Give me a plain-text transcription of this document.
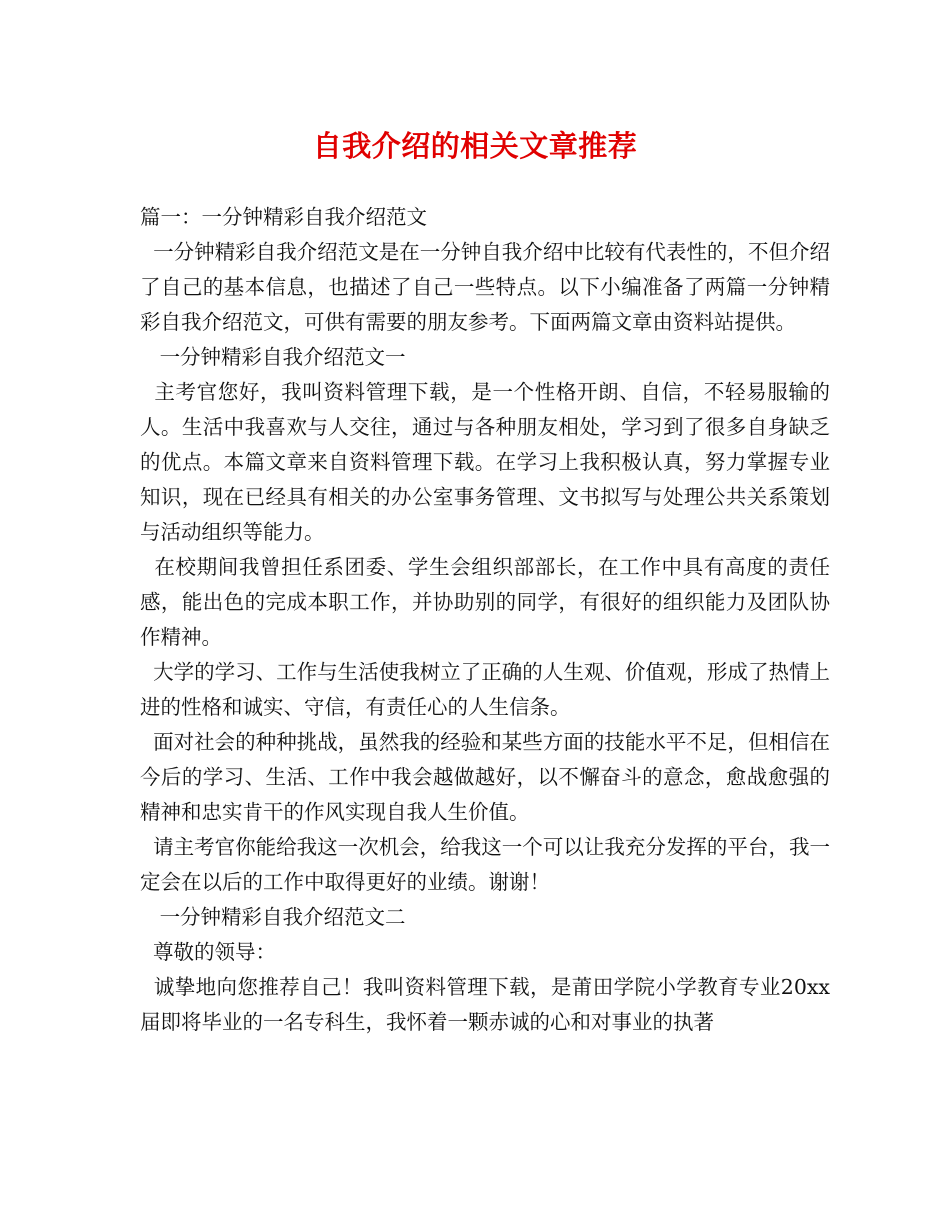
自我介绍的相关文章推荐

篇一：一分钟精彩自我介绍范文

一分钟精彩自我介绍范文是在一分钟自我介绍中比较有代表性的，不但介绍了自己的基本信息，也描述了自己一些特点。以下小编准备了两篇一分钟精彩自我介绍范文，可供有需要的朋友参考。下面两篇文章由资料站提供。

一分钟精彩自我介绍范文一

主考官您好，我叫资料管理下载，是一个性格开朗、自信，不轻易服输的人。生活中我喜欢与人交往，通过与各种朋友相处，学习到了很多自身缺乏的优点。本篇文章来自资料管理下载。在学习上我积极认真，努力掌握专业知识，现在已经具有相关的办公室事务管理、文书拟写与处理公共关系策划与活动组织等能力。

在校期间我曾担任系团委、学生会组织部部长，在工作中具有高度的责任感，能出色的完成本职工作，并协助别的同学，有很好的组织能力及团队协作精神。

大学的学习、工作与生活使我树立了正确的人生观、价值观，形成了热情上进的性格和诚实、守信，有责任心的人生信条。

面对社会的种种挑战，虽然我的经验和某些方面的技能水平不足，但相信在今后的学习、生活、工作中我会越做越好，以不懈奋斗的意念，愈战愈强的精神和忠实肯干的作风实现自我人生价值。

请主考官你能给我这一次机会，给我这一个可以让我充分发挥的平台，我一定会在以后的工作中取得更好的业绩。谢谢！

一分钟精彩自我介绍范文二

尊敬的领导：

诚挚地向您推荐自己！我叫资料管理下载，是莆田学院小学教育专业20xx届即将毕业的一名专科生，我怀着一颗赤诚的心和对事业的执著
